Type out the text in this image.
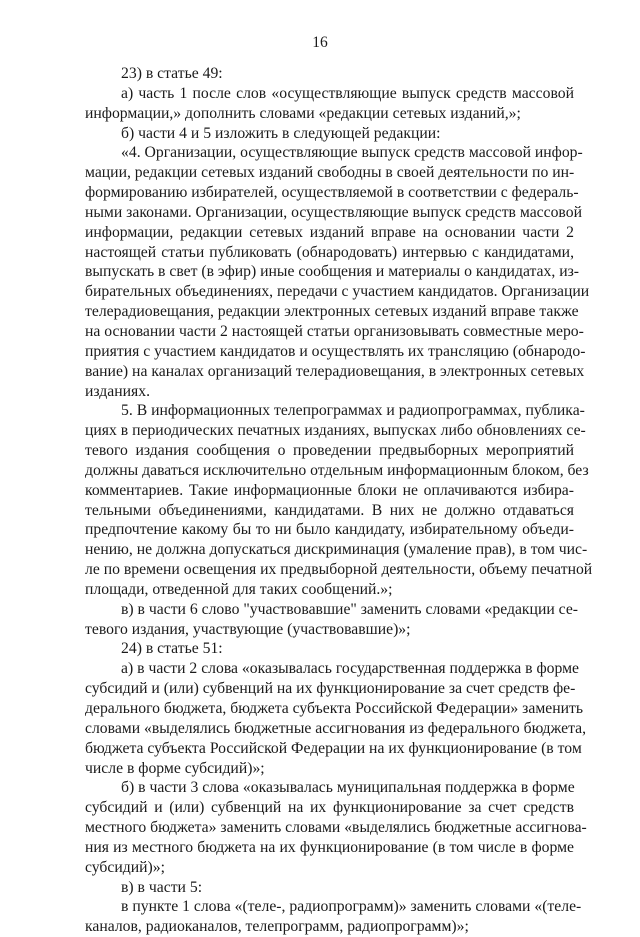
16
23) в статье 49:
а) часть 1 после слов «осуществляющие выпуск средств массовой
информации,» дополнить словами «редакции сетевых изданий,»;
б) части 4 и 5 изложить в следующей редакции:
«4. Организации, осуществляющие выпуск средств массовой инфор-
мации, редакции сетевых изданий свободны в своей деятельности по ин-
формированию избирателей, осуществляемой в соответствии с федераль-
ными законами. Организации, осуществляющие выпуск средств массовой
информации, редакции сетевых изданий вправе на основании части 2
настоящей статьи публиковать (обнародовать) интервью с кандидатами,
выпускать в свет (в эфир) иные сообщения и материалы о кандидатах, из-
бирательных объединениях, передачи с участием кандидатов. Организации
телерадиовещания, редакции электронных сетевых изданий вправе также
на основании части 2 настоящей статьи организовывать совместные меро-
приятия с участием кандидатов и осуществлять их трансляцию (обнародо-
вание) на каналах организаций телерадиовещания, в электронных сетевых
изданиях.
5. В информационных телепрограммах и радиопрограммах, публика-
циях в периодических печатных изданиях, выпусках либо обновлениях се-
тевого издания сообщения о проведении предвыборных мероприятий
должны даваться исключительно отдельным информационным блоком, без
комментариев. Такие информационные блоки не оплачиваются избира-
тельными объединениями, кандидатами. В них не должно отдаваться
предпочтение какому бы то ни было кандидату, избирательному объеди-
нению, не должна допускаться дискриминация (умаление прав), в том чис-
ле по времени освещения их предвыборной деятельности, объему печатной
площади, отведенной для таких сообщений.»;
в) в части 6 слово "участвовавшие" заменить словами «редакции се-
тевого издания, участвующие (участвовавшие)»;
24) в статье 51:
а) в части 2 слова «оказывалась государственная поддержка в форме
субсидий и (или) субвенций на их функционирование за счет средств фе-
дерального бюджета, бюджета субъекта Российской Федерации» заменить
словами «выделялись бюджетные ассигнования из федерального бюджета,
бюджета субъекта Российской Федерации на их функционирование (в том
числе в форме субсидий)»;
б) в части 3 слова «оказывалась муниципальная поддержка в форме
субсидий и (или) субвенций на их функционирование за счет средств
местного бюджета» заменить словами «выделялись бюджетные ассигнова-
ния из местного бюджета на их функционирование (в том числе в форме
субсидий)»;
в) в части 5:
в пункте 1 слова «(теле-, радиопрограмм)» заменить словами «(теле-
каналов, радиоканалов, телепрограмм, радиопрограмм)»;
